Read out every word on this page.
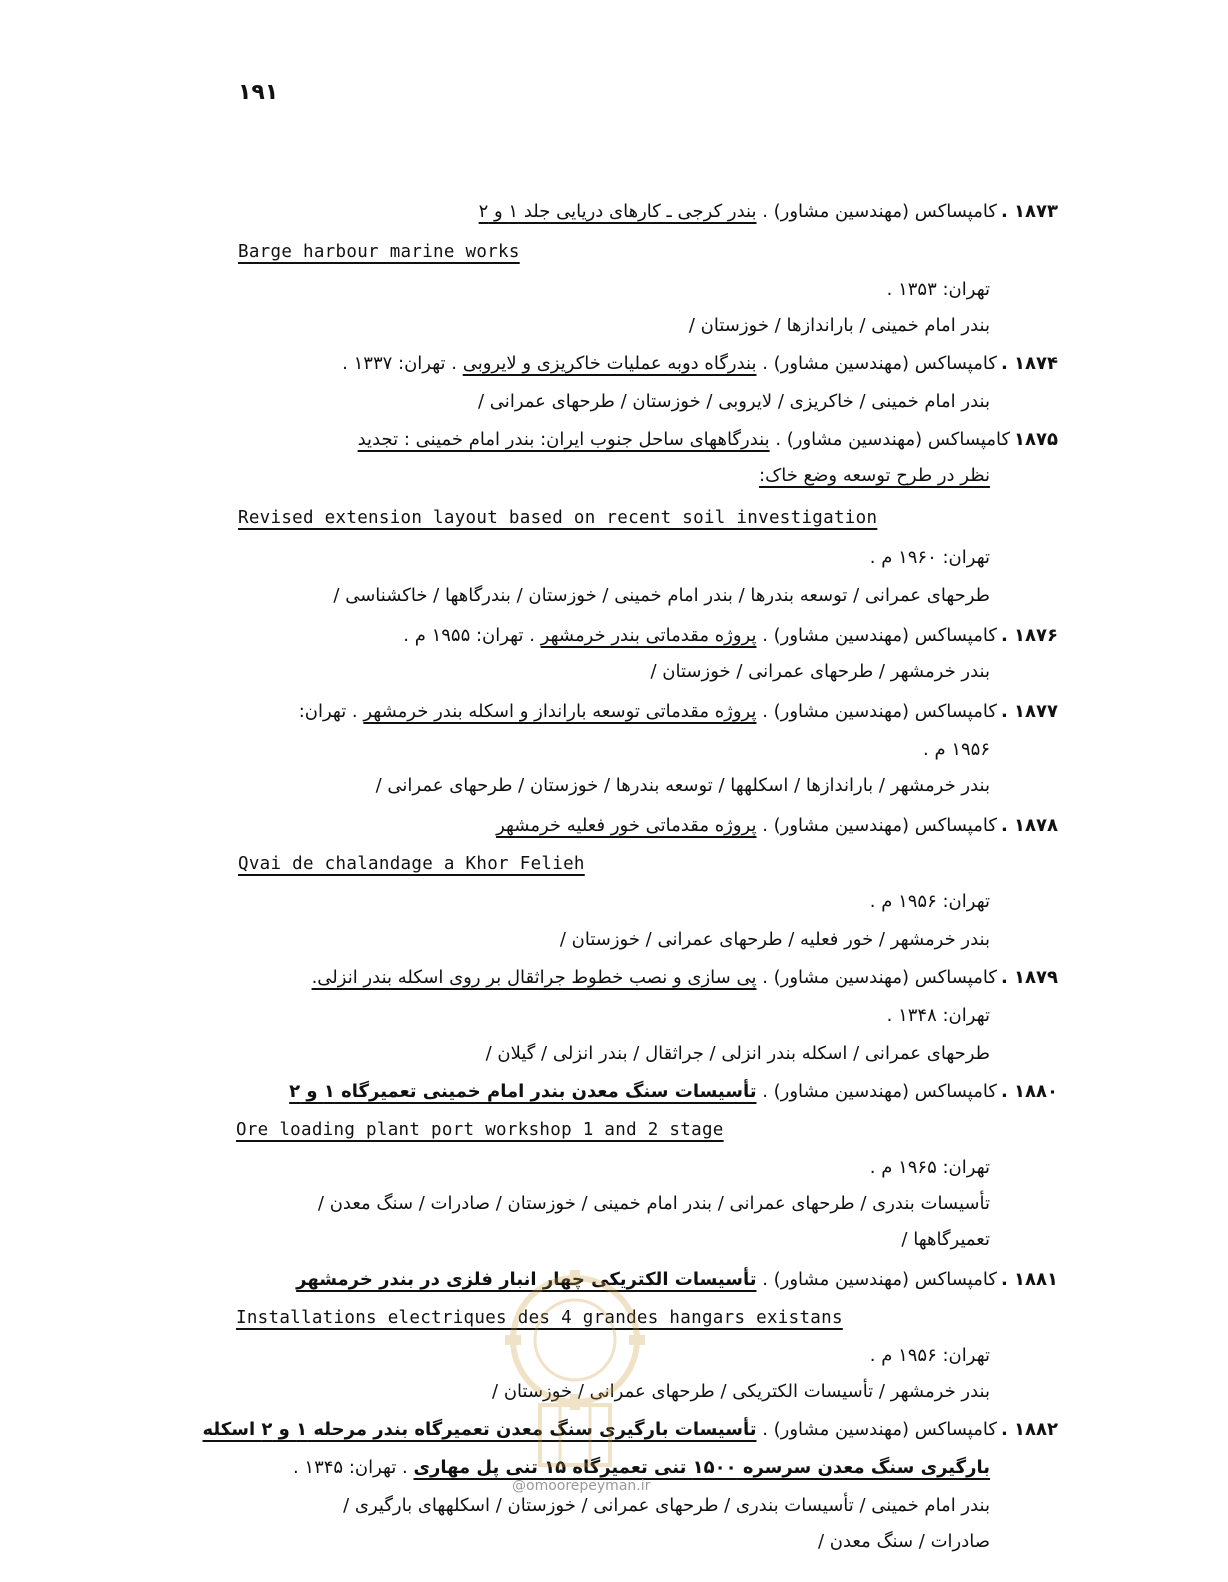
۱۹۱
۱۸۷۳ .کامپساکس (مهندسین مشاور) . بندر کرجی ـ کارهای دریایی جلد ۱ و ۲
Barge harbour marine works
تهران: ۱۳۵۳ .
بندر امام خمینی / باراندازها / خوزستان /
۱۸۷۴ .کامپساکس (مهندسین مشاور) . بندرگاه دوبه عملیات خاکریزی و لایروبی . تهران: ۱۳۳۷ .
بندر امام خمینی / خاکریزی / لایروبی / خوزستان / طرحهای عمرانی /
۱۸۷۵کامپساکس (مهندسین مشاور) . بندرگاههای ساحل جنوب ایران: بندر امام خمینی : تجدید
نظر در طرح توسعه وضع خاک:
Revised extension layout based on recent soil investigation
تهران: ۱۹۶۰ م .
طرحهای عمرانی / توسعه بندرها / بندر امام خمینی / خوزستان / بندرگاهها / خاکشناسی /
۱۸۷۶ .کامپساکس (مهندسین مشاور) . پروژه مقدماتی بندر خرمشهر . تهران: ۱۹۵۵ م .
بندر خرمشهر / طرحهای عمرانی / خوزستان /
۱۸۷۷ .کامپساکس (مهندسین مشاور) . پروژه مقدماتی توسعه بارانداز و اسکله بندر خرمشهر . تهران:
۱۹۵۶ م .
بندر خرمشهر / باراندازها / اسکلهها / توسعه بندرها / خوزستان / طرحهای عمرانی /
۱۸۷۸ .کامپساکس (مهندسین مشاور) . پروژه مقدماتی خور فعلیه خرمشهر
Qvai de chalandage a Khor Felieh
تهران: ۱۹۵۶ م .
بندر خرمشهر / خور فعلیه / طرحهای عمرانی / خوزستان /
۱۸۷۹ .کامپساکس (مهندسین مشاور) . پی سازی و نصب خطوط جراثقال بر روی اسکله بندر انزلی.
تهران: ۱۳۴۸ .
طرحهای عمرانی / اسکله بندر انزلی / جراثقال / بندر انزلی / گیلان /
۱۸۸۰ .کامپساکس (مهندسین مشاور) . تأسیسات سنگ معدن بندر امام خمینی تعمیرگاه ۱ و ۲
Ore loading plant port workshop 1 and 2 stage
تهران: ۱۹۶۵ م .
تأسیسات بندری / طرحهای عمرانی / بندر امام خمینی / خوزستان / صادرات / سنگ معدن /
تعمیرگاهها /
۱۸۸۱ .کامپساکس (مهندسین مشاور) . تأسیسات الکتریکی چهار انبار فلزی در بندر خرمشهر
Installations electriques des 4 grandes hangars existans
تهران: ۱۹۵۶ م .
بندر خرمشهر / تأسیسات الکتریکی / طرحهای عمرانی / خوزستان /
۱۸۸۲ .کامپساکس (مهندسین مشاور) . تأسیسات بارگیری سنگ معدن تعمیرگاه بندر مرحله ۱ و ۲ اسکله
بارگیری سنگ معدن سرسره ۱۵۰۰ تنی تعمیرگاه ۱۵ تنی پل مهاری . تهران: ۱۳۴۵ .
بندر امام خمینی / تأسیسات بندری / طرحهای عمرانی / خوزستان / اسکلههای بارگیری /
صادرات / سنگ معدن /
@omoorepeyman.ir
